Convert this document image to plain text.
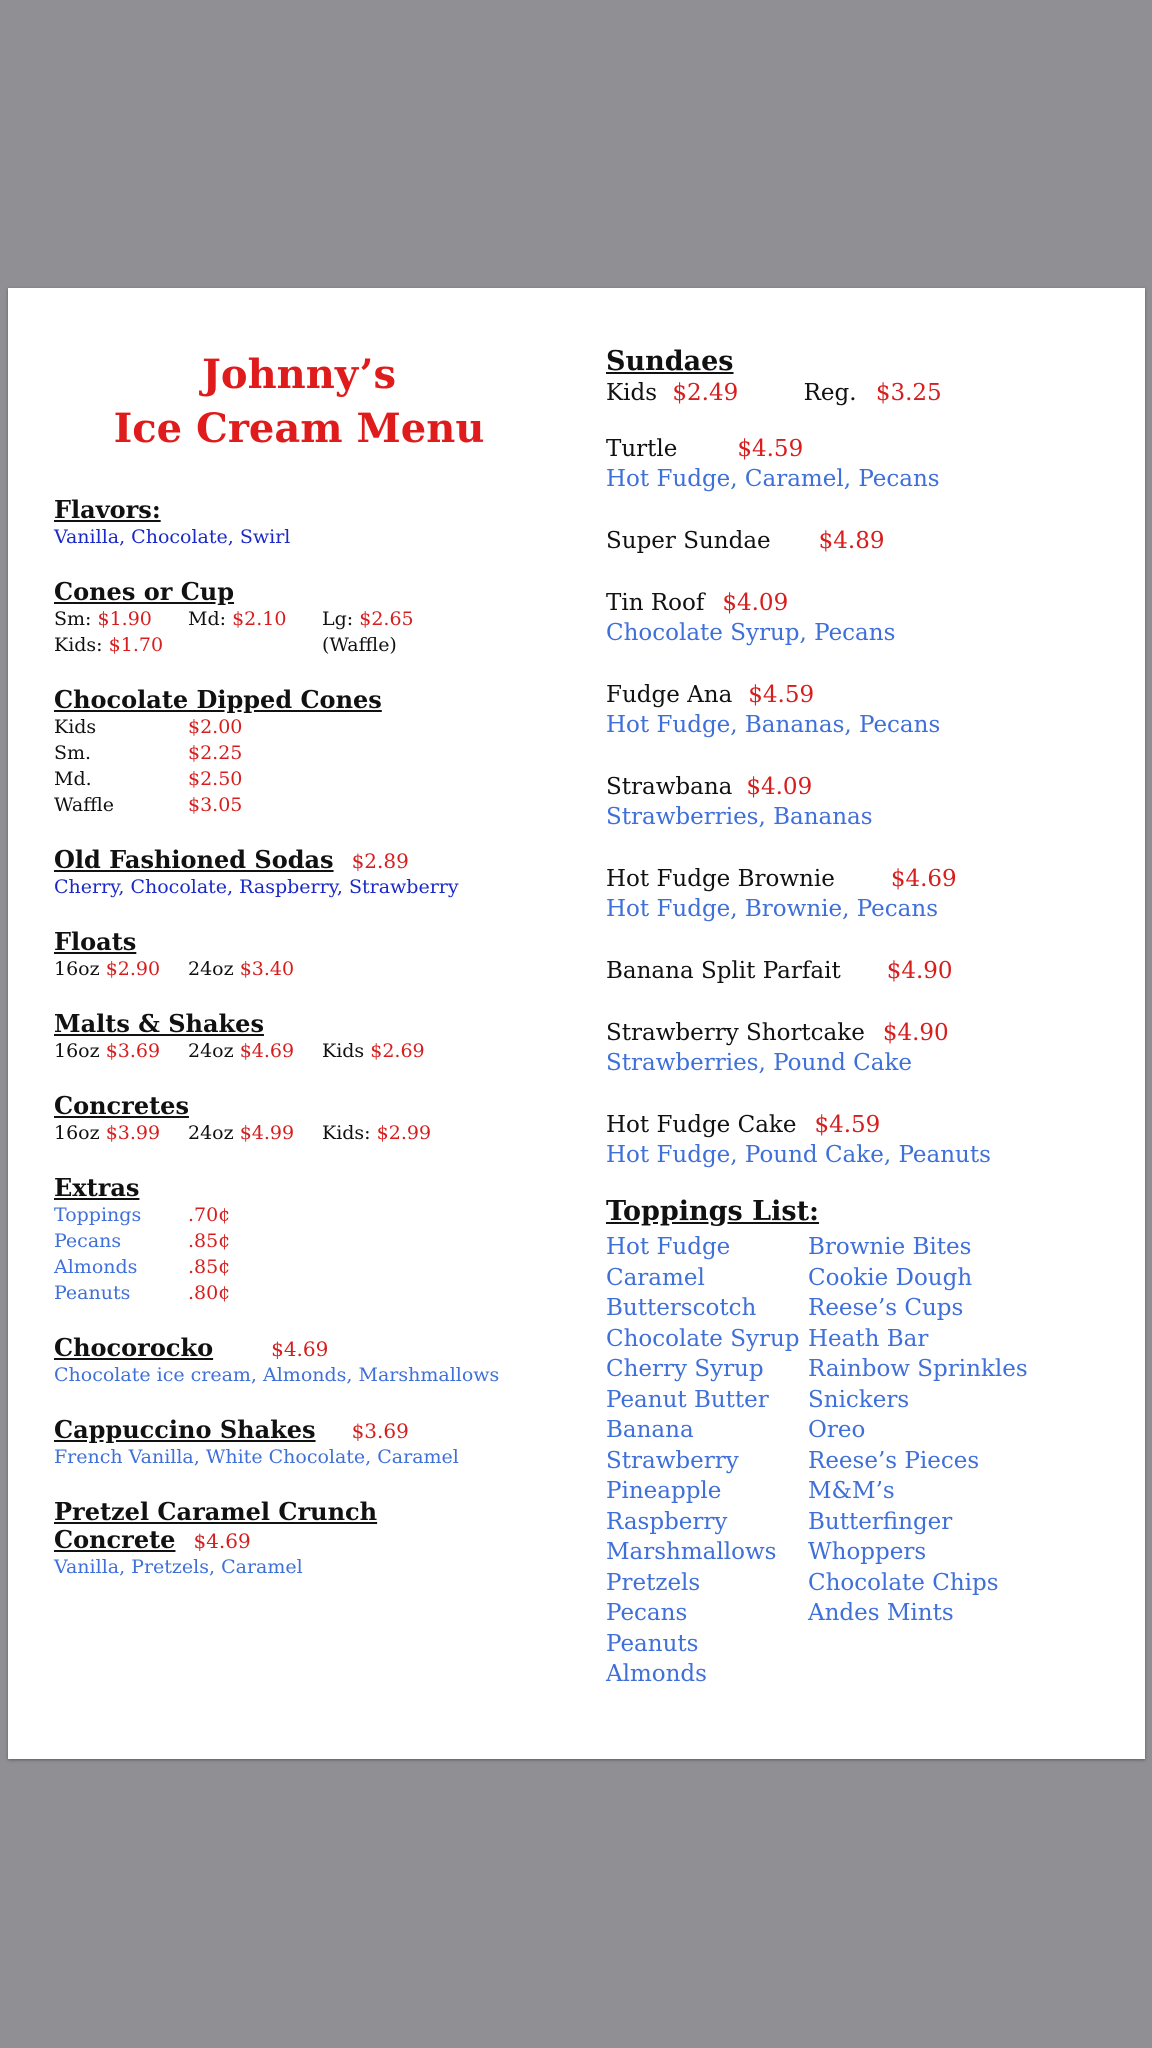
Johnny’s
Ice Cream Menu
Flavors:
Vanilla, Chocolate, Swirl
Cones or Cup
Sm: $1.90	Md: $2.10	Lg: $2.65
Kids: $1.70	(Waffle)
Chocolate Dipped Cones
Kids	$2.00
Sm.	$2.25
Md.	$2.50
Waffle	$3.05
Old Fashioned Sodas $2.89
Cherry, Chocolate, Raspberry, Strawberry
Floats
16oz $2.90	24oz $3.40
Malts & Shakes
16oz $3.69	24oz $4.69	Kids $2.69
Concretes
16oz $3.99	24oz $4.99	Kids: $2.99
Extras
Toppings	.70¢
Pecans	.85¢
Almonds	.85¢
Peanuts	.80¢
Chocorocko	$4.69
Chocolate ice cream, Almonds, Marshmallows
Cappuccino Shakes $3.69
French Vanilla, White Chocolate, Caramel
Pretzel Caramel Crunch Concrete $4.69
Vanilla, Pretzels, Caramel
Sundaes
Kids $2.49	Reg. $3.25
Turtle	$4.59
Hot Fudge, Caramel, Pecans
Super Sundae $4.89
Tin Roof $4.09
Chocolate Syrup, Pecans
Fudge Ana $4.59
Hot Fudge, Bananas, Pecans
Strawbana $4.09
Strawberries, Bananas
Hot Fudge Brownie $4.69
Hot Fudge, Brownie, Pecans
Banana Split Parfait $4.90
Strawberry Shortcake $4.90
Strawberries, Pound Cake
Hot Fudge Cake $4.59
Hot Fudge, Pound Cake, Peanuts
Toppings List:
Hot Fudge
Caramel
Butterscotch
Chocolate Syrup
Cherry Syrup
Peanut Butter
Banana
Strawberry
Pineapple
Raspberry
Marshmallows
Pretzels
Pecans
Peanuts
Almonds
Brownie Bites
Cookie Dough
Reese’s Cups
Heath Bar
Rainbow Sprinkles
Snickers
Oreo
Reese’s Pieces
M&M’s
Butterfinger
Whoppers
Chocolate Chips
Andes Mints
